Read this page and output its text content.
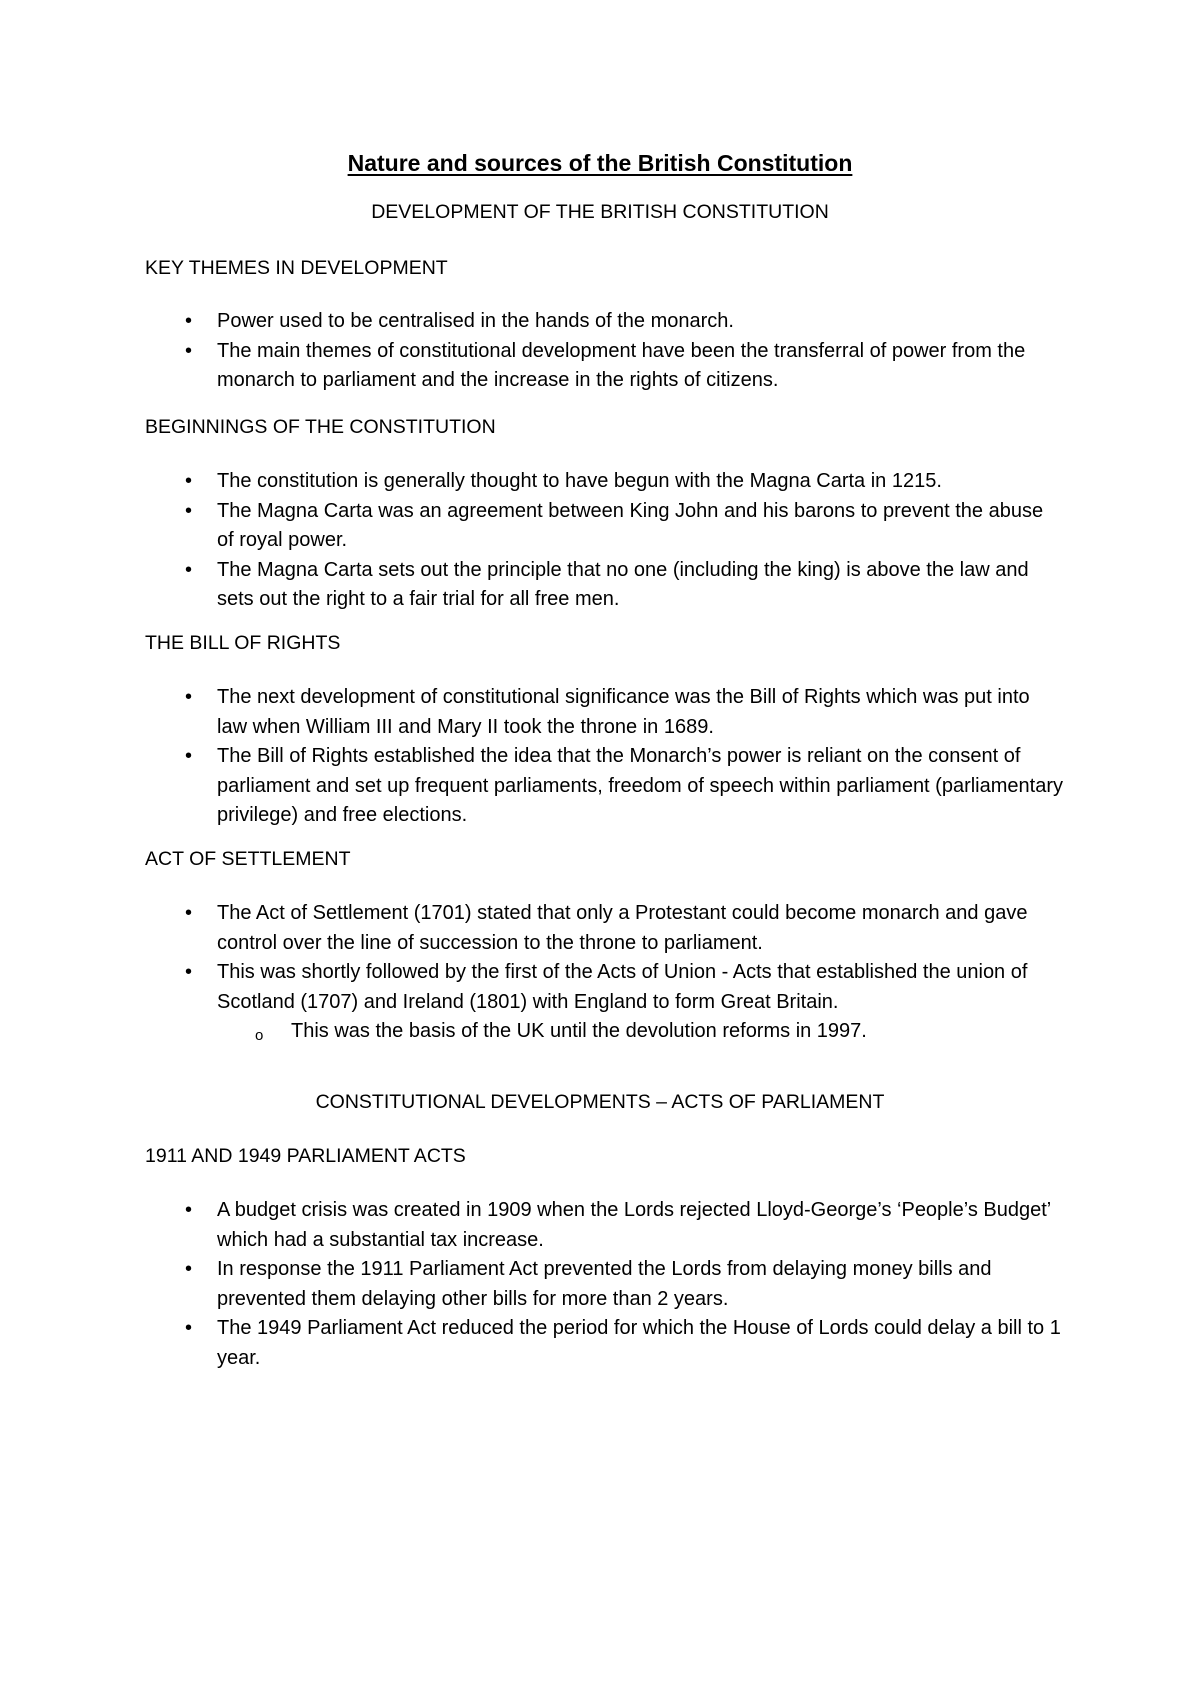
Nature and sources of the British Constitution
DEVELOPMENT OF THE BRITISH CONSTITUTION
KEY THEMES IN DEVELOPMENT
• Power used to be centralised in the hands of the monarch.
• The main themes of constitutional development have been the transferral of power from the monarch to parliament and the increase in the rights of citizens.
BEGINNINGS OF THE CONSTITUTION
• The constitution is generally thought to have begun with the Magna Carta in 1215.
• The Magna Carta was an agreement between King John and his barons to prevent the abuse of royal power.
• The Magna Carta sets out the principle that no one (including the king) is above the law and sets out the right to a fair trial for all free men.
THE BILL OF RIGHTS
• The next development of constitutional significance was the Bill of Rights which was put into law when William III and Mary II took the throne in 1689.
• The Bill of Rights established the idea that the Monarch’s power is reliant on the consent of parliament and set up frequent parliaments, freedom of speech within parliament (parliamentary privilege) and free elections.
ACT OF SETTLEMENT
• The Act of Settlement (1701) stated that only a Protestant could become monarch and gave control over the line of succession to the throne to parliament.
• This was shortly followed by the first of the Acts of Union - Acts that established the union of Scotland (1707) and Ireland (1801) with England to form Great Britain.
o This was the basis of the UK until the devolution reforms in 1997.
CONSTITUTIONAL DEVELOPMENTS – ACTS OF PARLIAMENT
1911 AND 1949 PARLIAMENT ACTS
• A budget crisis was created in 1909 when the Lords rejected Lloyd-George’s ‘People’s Budget’ which had a substantial tax increase.
• In response the 1911 Parliament Act prevented the Lords from delaying money bills and prevented them delaying other bills for more than 2 years.
• The 1949 Parliament Act reduced the period for which the House of Lords could delay a bill to 1 year.
